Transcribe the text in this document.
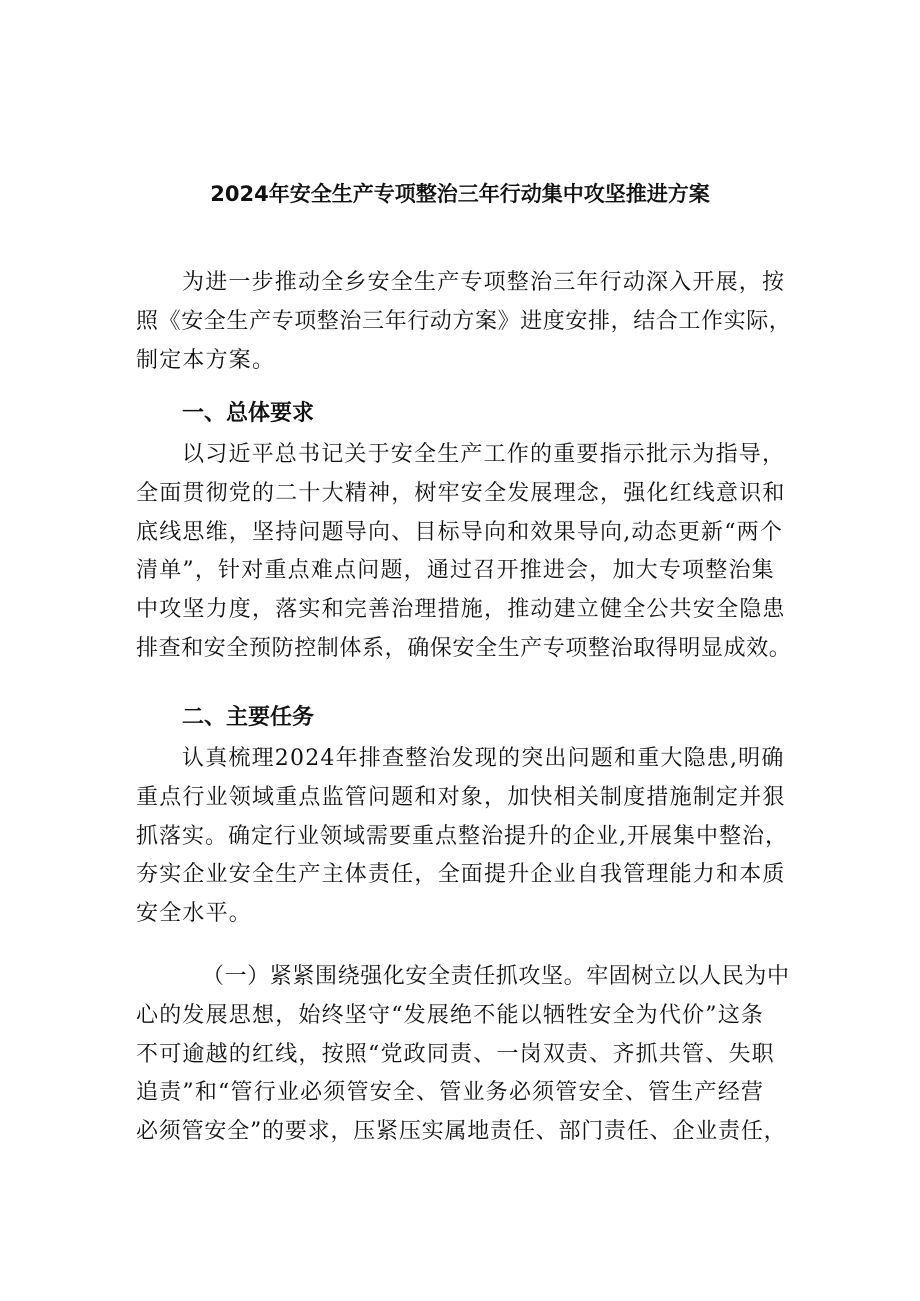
2024年安全生产专项整治三年行动集中攻坚推进方案
为进一步推动全乡安全生产专项整治三年行动深入开展，按
照《安全生产专项整治三年行动方案》进度安排，结合工作实际，
制定本方案。
一、总体要求
以习近平总书记关于安全生产工作的重要指示批示为指导，
全面贯彻党的二十大精神，树牢安全发展理念，强化红线意识和
底线思维，坚持问题导向、目标导向和效果导向,动态更新“两个
清单”，针对重点难点问题，通过召开推进会，加大专项整治集
中攻坚力度，落实和完善治理措施，推动建立健全公共安全隐患
排查和安全预防控制体系，确保安全生产专项整治取得明显成效。
二、主要任务
认真梳理2024年排查整治发现的突出问题和重大隐患,明确
重点行业领域重点监管问题和对象，加快相关制度措施制定并狠
抓落实。确定行业领域需要重点整治提升的企业,开展集中整治，
夯实企业安全生产主体责任，全面提升企业自我管理能力和本质
安全水平。
（一）紧紧围绕强化安全责任抓攻坚。牢固树立以人民为中
心的发展思想，始终坚守“发展绝不能以牺牲安全为代价”这条
不可逾越的红线，按照“党政同责、一岗双责、齐抓共管、失职
追责”和“管行业必须管安全、管业务必须管安全、管生产经营
必须管安全”的要求，压紧压实属地责任、部门责任、企业责任，
